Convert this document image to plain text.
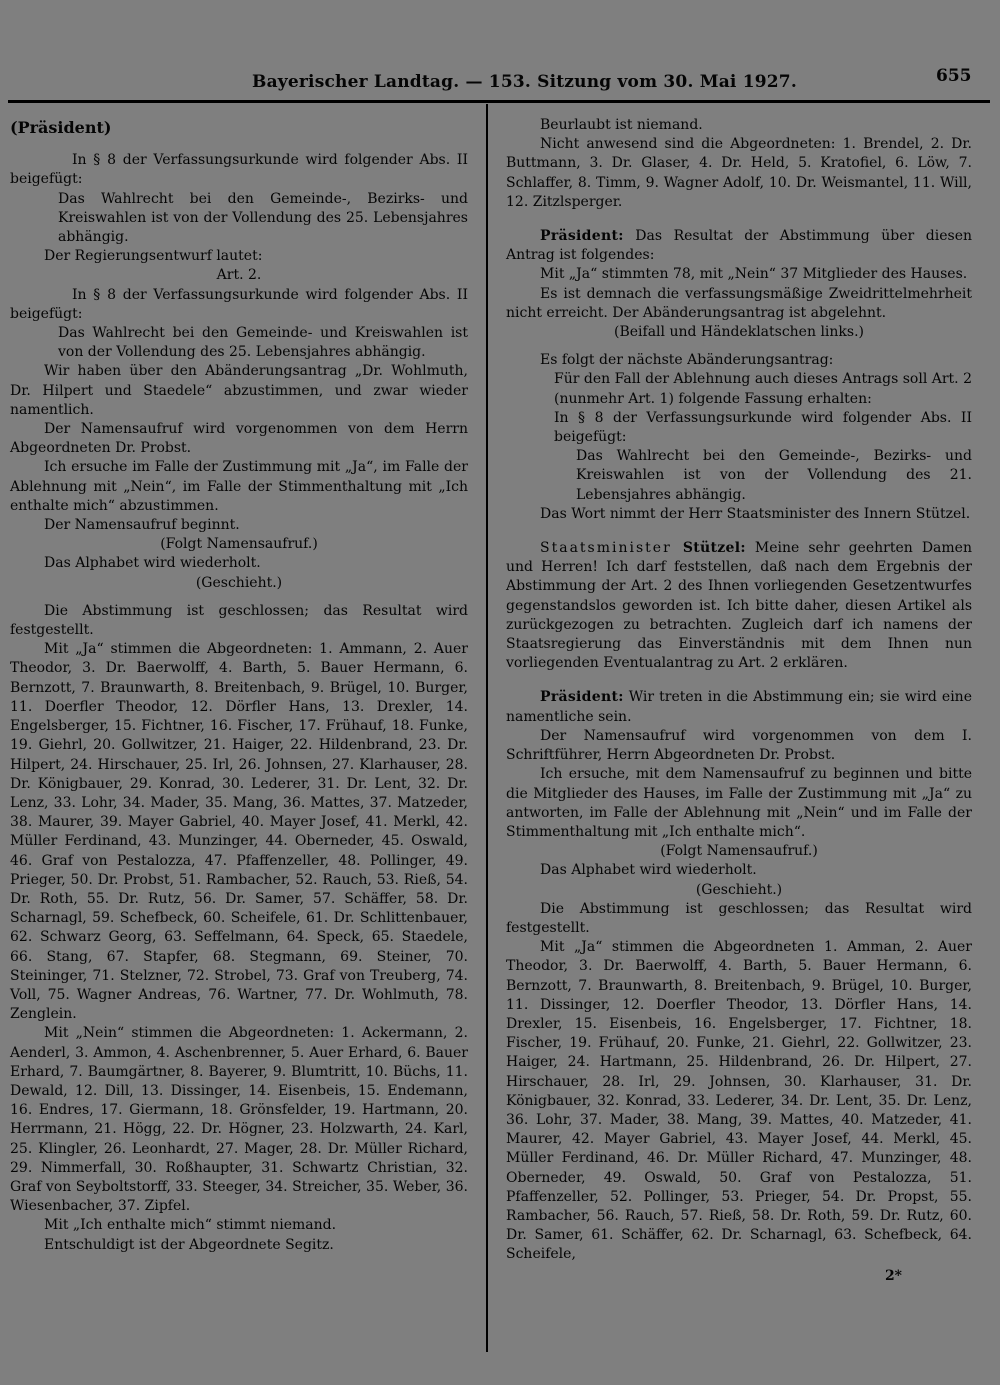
Bayerischer Landtag. — 153. Sitzung vom 30. Mai 1927.	655

(Präsident)

In § 8 der Verfassungsurkunde wird folgender Abs. II beigefügt:

Das Wahlrecht bei den Gemeinde-, Bezirks- und Kreiswahlen ist von der Vollendung des 25. Lebensjahres abhängig.

Der Regierungsentwurf lautet:

Art. 2.

In § 8 der Verfassungsurkunde wird folgender Abs. II beigefügt:

Das Wahlrecht bei den Gemeinde- und Kreiswahlen ist von der Vollendung des 25. Lebensjahres abhängig.

Wir haben über den Abänderungsantrag „Dr. Wohlmuth, Dr. Hilpert und Staedele“ abzustimmen, und zwar wieder namentlich.

Der Namensaufruf wird vorgenommen von dem Herrn Abgeordneten Dr. Probst.

Ich ersuche im Falle der Zustimmung mit „Ja“, im Falle der Ablehnung mit „Nein“, im Falle der Stimmenthaltung mit „Ich enthalte mich“ abzustimmen.

Der Namensaufruf beginnt.

(Folgt Namensaufruf.)

Das Alphabet wird wiederholt.

(Geschieht.)

Die Abstimmung ist geschlossen; das Resultat wird festgestellt.

Mit „Ja“ stimmen die Abgeordneten: 1. Ammann, 2. Auer Theodor, 3. Dr. Baerwolff, 4. Barth, 5. Bauer Hermann, 6. Bernzott, 7. Braunwarth, 8. Breitenbach, 9. Brügel, 10. Burger, 11. Doerfler Theodor, 12. Dörfler Hans, 13. Drexler, 14. Engelsberger, 15. Fichtner, 16. Fischer, 17. Frühauf, 18. Funke, 19. Giehrl, 20. Gollwitzer, 21. Haiger, 22. Hildenbrand, 23. Dr. Hilpert, 24. Hirschauer, 25. Irl, 26. Johnsen, 27. Klarhauser, 28. Dr. Königbauer, 29. Konrad, 30. Lederer, 31. Dr. Lent, 32. Dr. Lenz, 33. Lohr, 34. Mader, 35. Mang, 36. Mattes, 37. Matzeder, 38. Maurer, 39. Mayer Gabriel, 40. Mayer Josef, 41. Merkl, 42. Müller Ferdinand, 43. Munzinger, 44. Oberneder, 45. Oswald, 46. Graf von Pestalozza, 47. Pfaffenzeller, 48. Pollinger, 49. Prieger, 50. Dr. Probst, 51. Rambacher, 52. Rauch, 53. Rieß, 54. Dr. Roth, 55. Dr. Rutz, 56. Dr. Samer, 57. Schäffer, 58. Dr. Scharnagl, 59. Schefbeck, 60. Scheifele, 61. Dr. Schlittenbauer, 62. Schwarz Georg, 63. Seffelmann, 64. Speck, 65. Staedele, 66. Stang, 67. Stapfer, 68. Stegmann, 69. Steiner, 70. Steininger, 71. Stelzner, 72. Strobel, 73. Graf von Treuberg, 74. Voll, 75. Wagner Andreas, 76. Wartner, 77. Dr. Wohlmuth, 78. Zenglein.

Mit „Nein“ stimmen die Abgeordneten: 1. Ackermann, 2. Aenderl, 3. Ammon, 4. Aschenbrenner, 5. Auer Erhard, 6. Bauer Erhard, 7. Baumgärtner, 8. Bayerer, 9. Blumtritt, 10. Büchs, 11. Dewald, 12. Dill, 13. Dissinger, 14. Eisenbeis, 15. Endemann, 16. Endres, 17. Giermann, 18. Grönsfelder, 19. Hartmann, 20. Herrmann, 21. Högg, 22. Dr. Högner, 23. Holzwarth, 24. Karl, 25. Klingler, 26. Leonhardt, 27. Mager, 28. Dr. Müller Richard, 29. Nimmerfall, 30. Roßhaupter, 31. Schwartz Christian, 32. Graf von Seyboltstorff, 33. Steeger, 34. Streicher, 35. Weber, 36. Wiesenbacher, 37. Zipfel.

Mit „Ich enthalte mich“ stimmt niemand.

Entschuldigt ist der Abgeordnete Segitz.

Beurlaubt ist niemand.

Nicht anwesend sind die Abgeordneten: 1. Brendel, 2. Dr. Buttmann, 3. Dr. Glaser, 4. Dr. Held, 5. Kratofiel, 6. Löw, 7. Schlaffer, 8. Timm, 9. Wagner Adolf, 10. Dr. Weismantel, 11. Will, 12. Zitzlsperger.

Präsident: Das Resultat der Abstimmung über diesen Antrag ist folgendes:

Mit „Ja“ stimmten 78, mit „Nein“ 37 Mitglieder des Hauses.

Es ist demnach die verfassungsmäßige Zweidrittelmehrheit nicht erreicht. Der Abänderungsantrag ist abgelehnt.

(Beifall und Händeklatschen links.)

Es folgt der nächste Abänderungsantrag:

Für den Fall der Ablehnung auch dieses Antrags soll Art. 2 (nunmehr Art. 1) folgende Fassung erhalten:

In § 8 der Verfassungsurkunde wird folgender Abs. II beigefügt:

Das Wahlrecht bei den Gemeinde-, Bezirks- und Kreiswahlen ist von der Vollendung des 21. Lebensjahres abhängig.

Das Wort nimmt der Herr Staatsminister des Innern Stützel.

Staatsminister Stützel: Meine sehr geehrten Damen und Herren! Ich darf feststellen, daß nach dem Ergebnis der Abstimmung der Art. 2 des Ihnen vorliegenden Gesetzentwurfes gegenstandslos geworden ist. Ich bitte daher, diesen Artikel als zurückgezogen zu betrachten. Zugleich darf ich namens der Staatsregierung das Einverständnis mit dem Ihnen nun vorliegenden Eventualantrag zu Art. 2 erklären.

Präsident: Wir treten in die Abstimmung ein; sie wird eine namentliche sein.

Der Namensaufruf wird vorgenommen von dem I. Schriftführer, Herrn Abgeordneten Dr. Probst.

Ich ersuche, mit dem Namensaufruf zu beginnen und bitte die Mitglieder des Hauses, im Falle der Zustimmung mit „Ja“ zu antworten, im Falle der Ablehnung mit „Nein“ und im Falle der Stimmenthaltung mit „Ich enthalte mich“.

(Folgt Namensaufruf.)

Das Alphabet wird wiederholt.

(Geschieht.)

Die Abstimmung ist geschlossen; das Resultat wird festgestellt.

Mit „Ja“ stimmen die Abgeordneten 1. Amman, 2. Auer Theodor, 3. Dr. Baerwolff, 4. Barth, 5. Bauer Hermann, 6. Bernzott, 7. Braunwarth, 8. Breitenbach, 9. Brügel, 10. Burger, 11. Dissinger, 12. Doerfler Theodor, 13. Dörfler Hans, 14. Drexler, 15. Eisenbeis, 16. Engelsberger, 17. Fichtner, 18. Fischer, 19. Frühauf, 20. Funke, 21. Giehrl, 22. Gollwitzer, 23. Haiger, 24. Hartmann, 25. Hildenbrand, 26. Dr. Hilpert, 27. Hirschauer, 28. Irl, 29. Johnsen, 30. Klarhauser, 31. Dr. Königbauer, 32. Konrad, 33. Lederer, 34. Dr. Lent, 35. Dr. Lenz, 36. Lohr, 37. Mader, 38. Mang, 39. Mattes, 40. Matzeder, 41. Maurer, 42. Mayer Gabriel, 43. Mayer Josef, 44. Merkl, 45. Müller Ferdinand, 46. Dr. Müller Richard, 47. Munzinger, 48. Oberneder, 49. Oswald, 50. Graf von Pestalozza, 51. Pfaffenzeller, 52. Pollinger, 53. Prieger, 54. Dr. Propst, 55. Rambacher, 56. Rauch, 57. Rieß, 58. Dr. Roth, 59. Dr. Rutz, 60. Dr. Samer, 61. Schäffer, 62. Dr. Scharnagl, 63. Schefbeck, 64. Scheifele,

2*
